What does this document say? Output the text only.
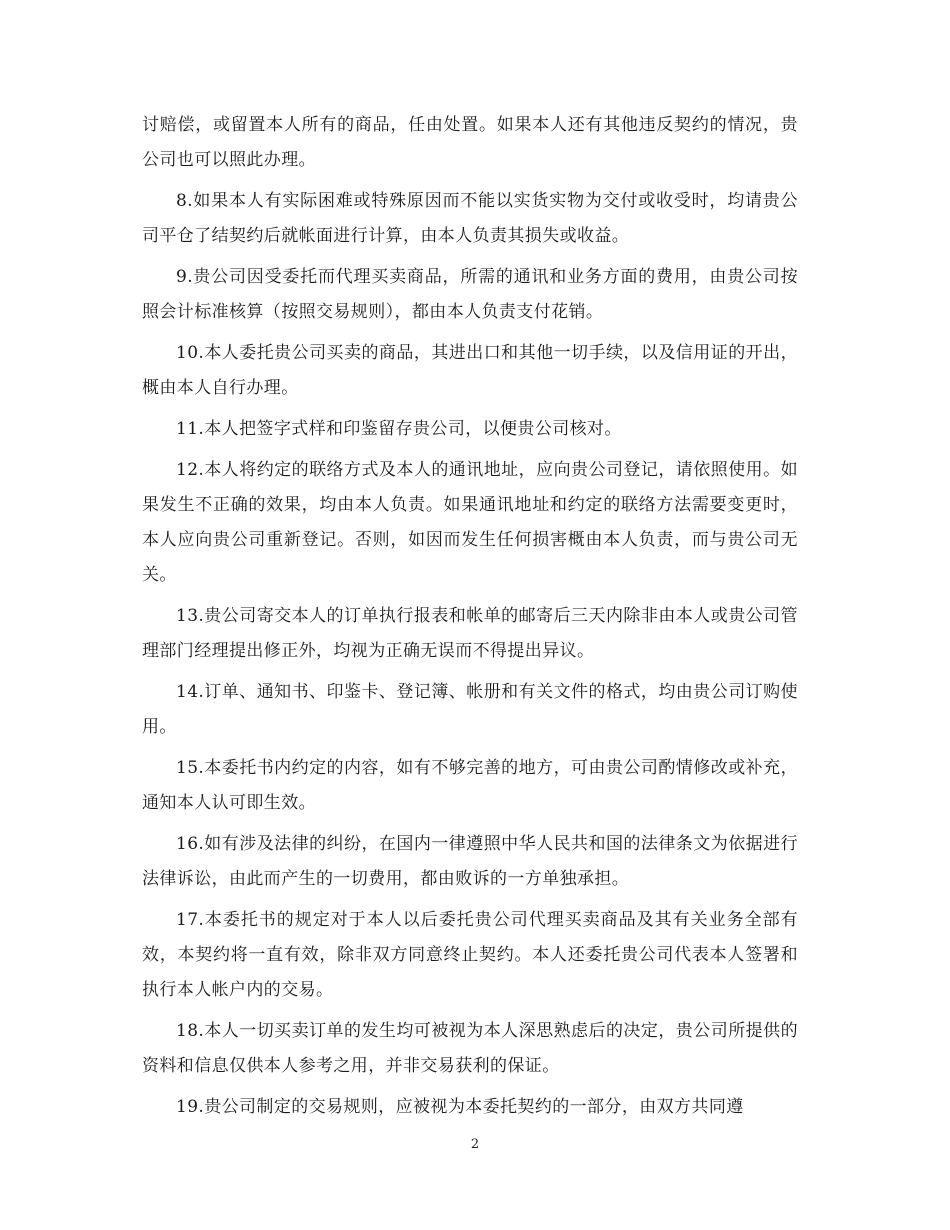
讨赔偿，或留置本人所有的商品，任由处置。如果本人还有其他违反契约的情况，贵公司也可以照此办理。

8.如果本人有实际困难或特殊原因而不能以实货实物为交付或收受时，均请贵公司平仓了结契约后就帐面进行计算，由本人负责其损失或收益。

9.贵公司因受委托而代理买卖商品，所需的通讯和业务方面的费用，由贵公司按照会计标准核算（按照交易规则），都由本人负责支付花销。

10.本人委托贵公司买卖的商品，其进出口和其他一切手续，以及信用证的开出，概由本人自行办理。

11.本人把签字式样和印鉴留存贵公司，以便贵公司核对。

12.本人将约定的联络方式及本人的通讯地址，应向贵公司登记，请依照使用。如果发生不正确的效果，均由本人负责。如果通讯地址和约定的联络方法需要变更时，本人应向贵公司重新登记。否则，如因而发生任何损害概由本人负责，而与贵公司无关。

13.贵公司寄交本人的订单执行报表和帐单的邮寄后三天内除非由本人或贵公司管理部门经理提出修正外，均视为正确无误而不得提出异议。

14.订单、通知书、印鉴卡、登记簿、帐册和有关文件的格式，均由贵公司订购使用。

15.本委托书内约定的内容，如有不够完善的地方，可由贵公司酌情修改或补充，通知本人认可即生效。

16.如有涉及法律的纠纷，在国内一律遵照中华人民共和国的法律条文为依据进行法律诉讼，由此而产生的一切费用，都由败诉的一方单独承担。

17.本委托书的规定对于本人以后委托贵公司代理买卖商品及其有关业务全部有效，本契约将一直有效，除非双方同意终止契约。本人还委托贵公司代表本人签署和执行本人帐户内的交易。

18.本人一切买卖订单的发生均可被视为本人深思熟虑后的决定，贵公司所提供的资料和信息仅供本人参考之用，并非交易获利的保证。

19.贵公司制定的交易规则，应被视为本委托契约的一部分，由双方共同遵

2
